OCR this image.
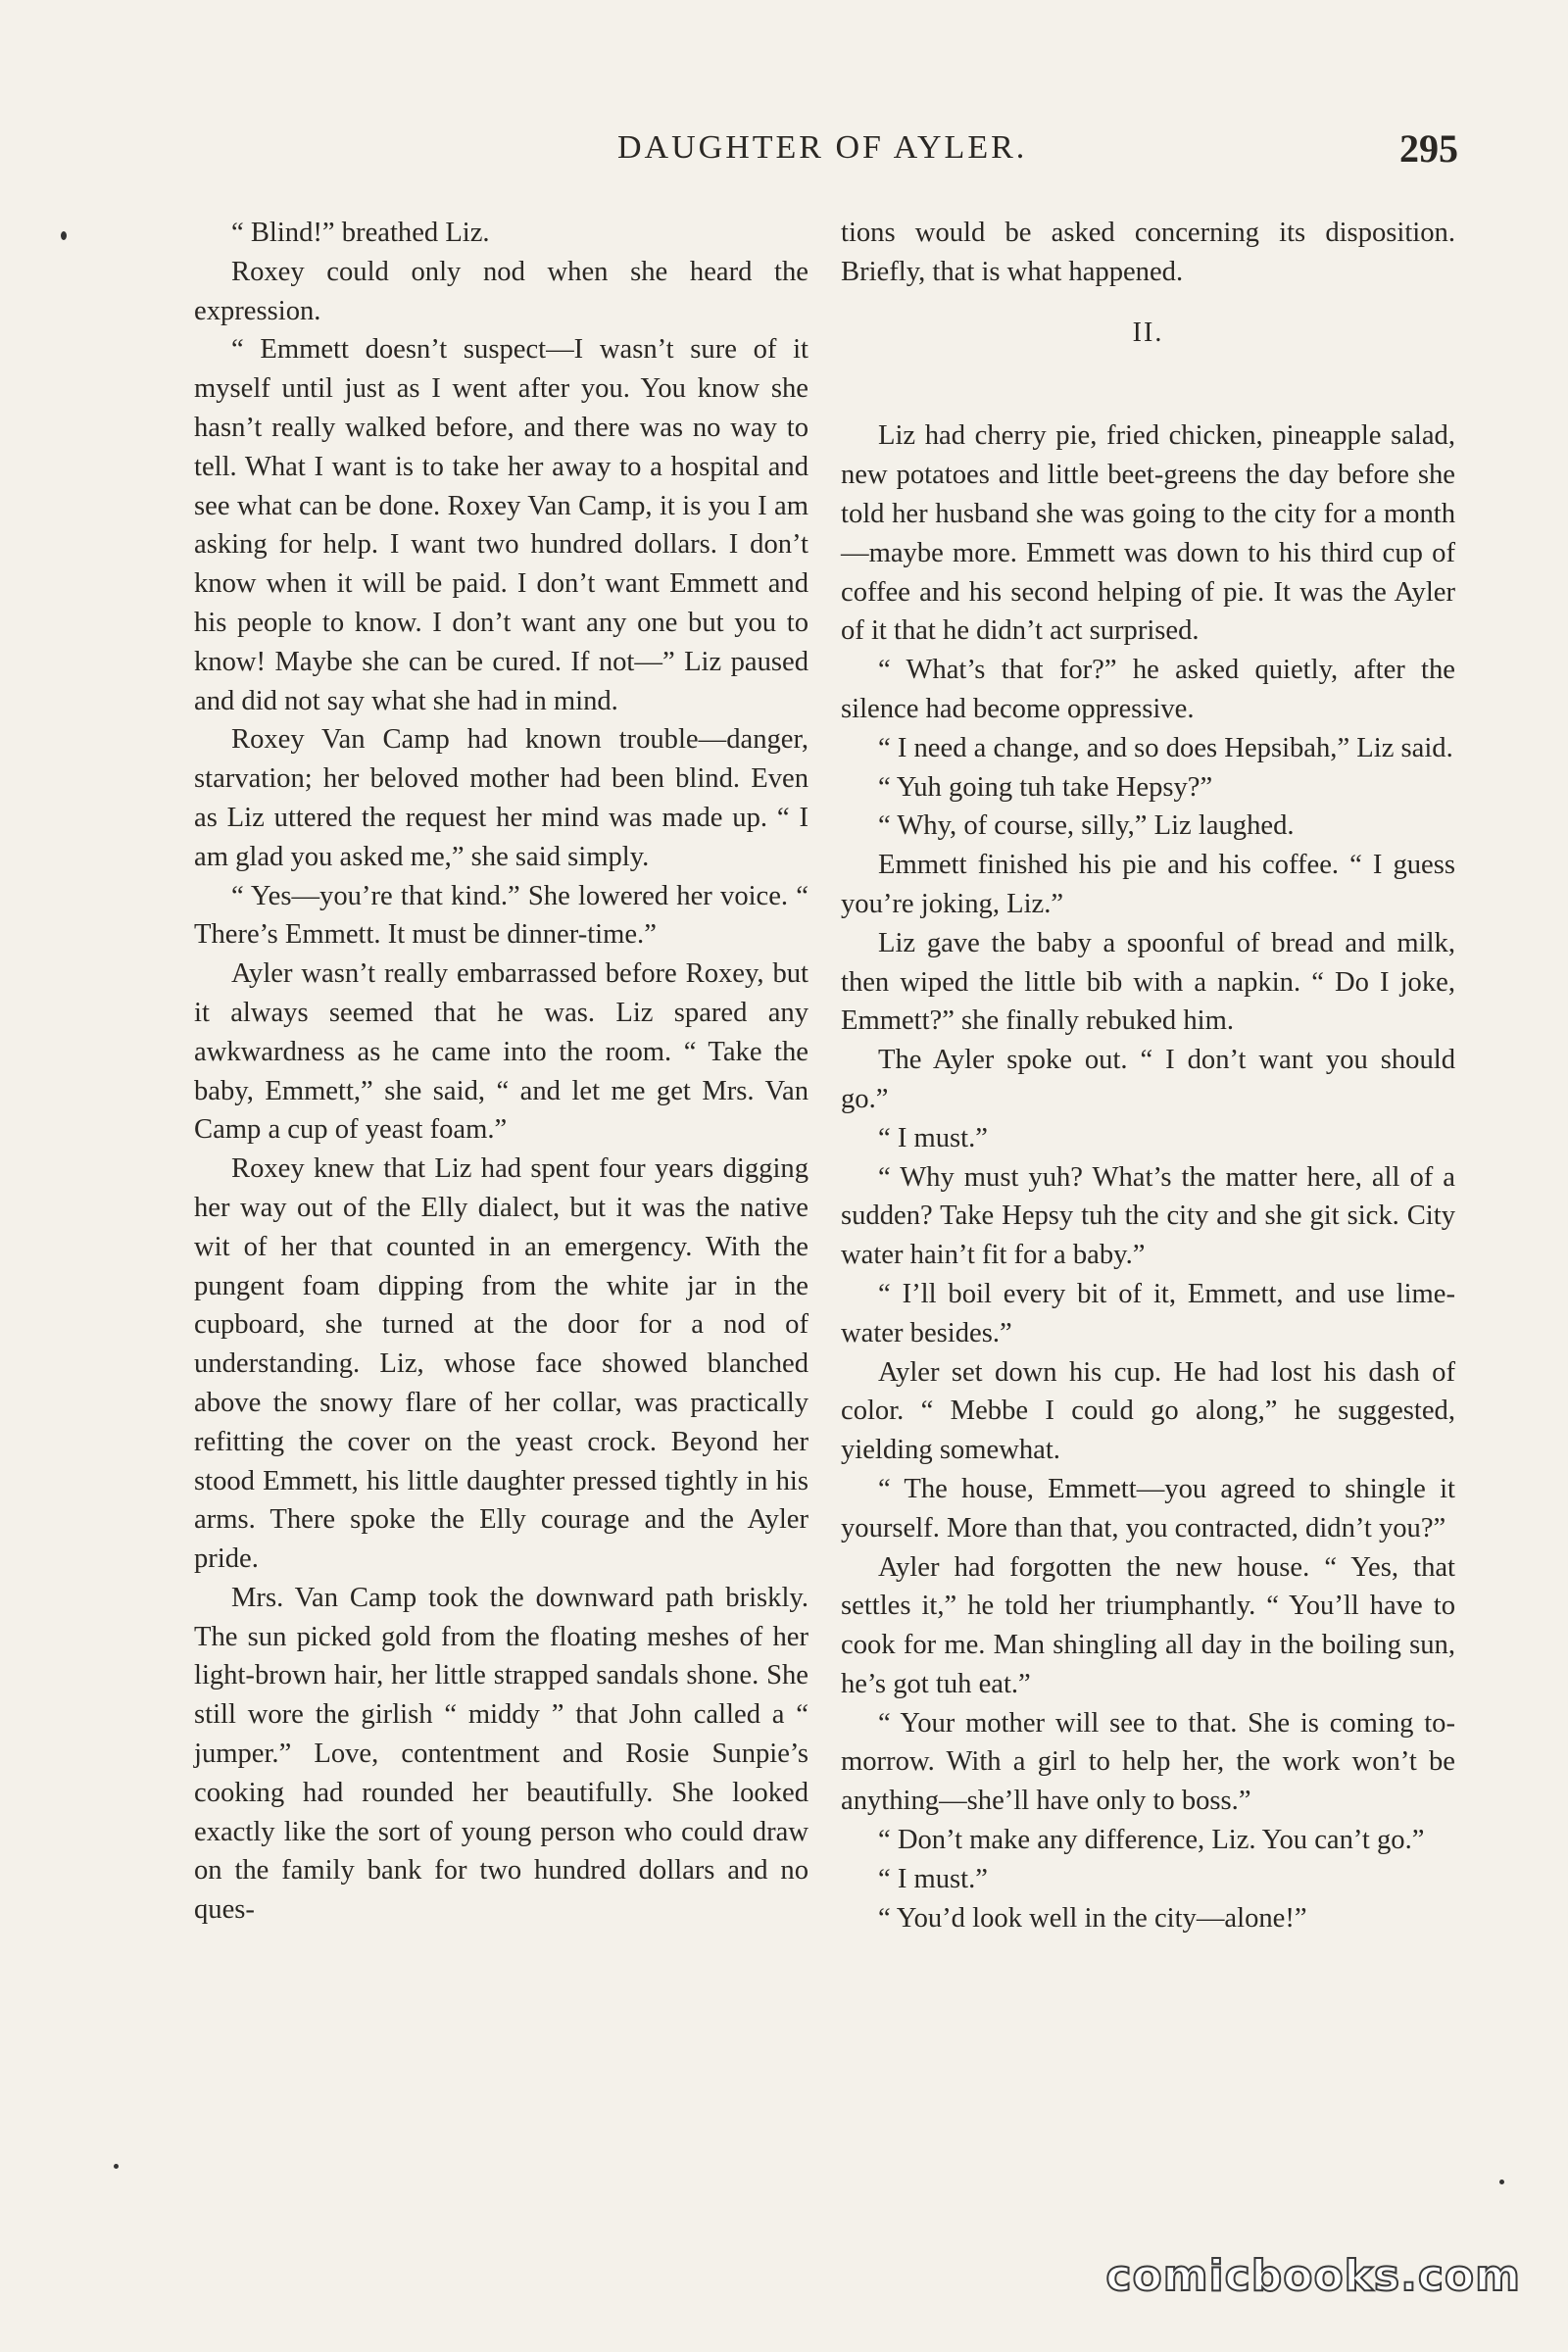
DAUGHTER OF AYLER.	295

“ Blind!” breathed Liz.

Roxey could only nod when she heard the expression.

“ Emmett doesn’t suspect—I wasn’t sure of it myself until just as I went after you. You know she hasn’t really walked before, and there was no way to tell. What I want is to take her away to a hospital and see what can be done. Roxey Van Camp, it is you I am asking for help. I want two hundred dollars. I don’t know when it will be paid. I don’t want Emmett and his people to know. I don’t want any one but you to know! Maybe she can be cured. If not—” Liz paused and did not say what she had in mind.

Roxey Van Camp had known trouble—danger, starvation; her beloved mother had been blind. Even as Liz uttered the request her mind was made up. “ I am glad you asked me,” she said simply.

“ Yes—you’re that kind.” She lowered her voice. “ There’s Emmett. It must be dinner-time.”

Ayler wasn’t really embarrassed before Roxey, but it always seemed that he was. Liz spared any awkwardness as he came into the room. “ Take the baby, Emmett,” she said, “ and let me get Mrs. Van Camp a cup of yeast foam.”

Roxey knew that Liz had spent four years digging her way out of the Elly dialect, but it was the native wit of her that counted in an emergency. With the pungent foam dipping from the white jar in the cupboard, she turned at the door for a nod of understanding. Liz, whose face showed blanched above the snowy flare of her collar, was practically refitting the cover on the yeast crock. Beyond her stood Emmett, his little daughter pressed tightly in his arms. There spoke the Elly courage and the Ayler pride.

Mrs. Van Camp took the downward path briskly. The sun picked gold from the floating meshes of her light-brown hair, her little strapped sandals shone. She still wore the girlish “ middy ” that John called a “ jumper.” Love, contentment and Rosie Sunpie’s cooking had rounded her beautifully. She looked exactly like the sort of young person who could draw on the family bank for two hundred dollars and no ques-

tions would be asked concerning its disposition. Briefly, that is what happened.

II.

Liz had cherry pie, fried chicken, pineapple salad, new potatoes and little beet-greens the day before she told her husband she was going to the city for a month—maybe more. Emmett was down to his third cup of coffee and his second helping of pie. It was the Ayler of it that he didn’t act surprised.

“ What’s that for?” he asked quietly, after the silence had become oppressive.

“ I need a change, and so does Hepsibah,” Liz said.

“ Yuh going tuh take Hepsy?”

“ Why, of course, silly,” Liz laughed.

Emmett finished his pie and his coffee. “ I guess you’re joking, Liz.”

Liz gave the baby a spoonful of bread and milk, then wiped the little bib with a napkin. “ Do I joke, Emmett?” she finally rebuked him.

The Ayler spoke out. “ I don’t want you should go.”

“ I must.”

“ Why must yuh? What’s the matter here, all of a sudden? Take Hepsy tuh the city and she git sick. City water hain’t fit for a baby.”

“ I’ll boil every bit of it, Emmett, and use lime-water besides.”

Ayler set down his cup. He had lost his dash of color. “ Mebbe I could go along,” he suggested, yielding somewhat.

“ The house, Emmett—you agreed to shingle it yourself. More than that, you contracted, didn’t you?”

Ayler had forgotten the new house. “ Yes, that settles it,” he told her triumphantly. “ You’ll have to cook for me. Man shingling all day in the boiling sun, he’s got tuh eat.”

“ Your mother will see to that. She is coming to-morrow. With a girl to help her, the work won’t be anything—she’ll have only to boss.”

“ Don’t make any difference, Liz. You can’t go.”

“ I must.”

“ You’d look well in the city—alone!”

comicbooks.com
